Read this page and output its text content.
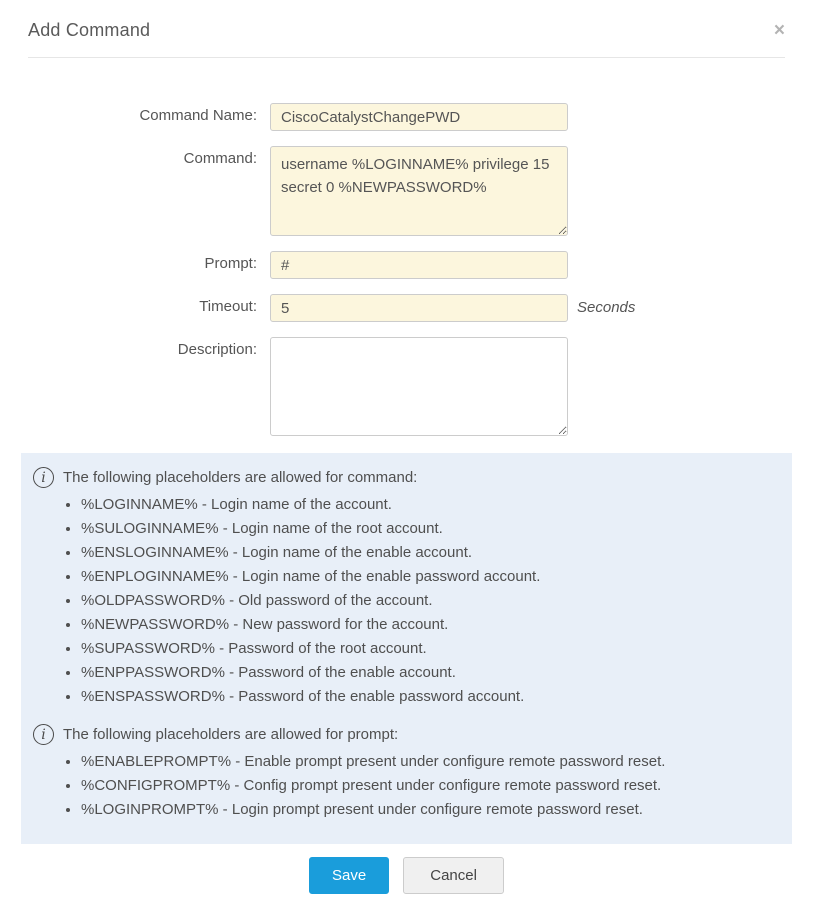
Add Command	×
Command Name:
CiscoCatalystChangePWD
Command:
username %LOGINNAME% privilege 15 secret 0 %NEWPASSWORD%
Prompt:
#
Timeout:
5	Seconds
Description:
i	The following placeholders are allowed for command:
• %LOGINNAME% - Login name of the account.
• %SULOGINNAME% - Login name of the root account.
• %ENSLOGINNAME% - Login name of the enable account.
• %ENPLOGINNAME% - Login name of the enable password account.
• %OLDPASSWORD% - Old password of the account.
• %NEWPASSWORD% - New password for the account.
• %SUPASSWORD% - Password of the root account.
• %ENPPASSWORD% - Password of the enable account.
• %ENSPASSWORD% - Password of the enable password account.
i	The following placeholders are allowed for prompt:
• %ENABLEPROMPT% - Enable prompt present under configure remote password reset.
• %CONFIGPROMPT% - Config prompt present under configure remote password reset.
• %LOGINPROMPT% - Login prompt present under configure remote password reset.
Save	Cancel
